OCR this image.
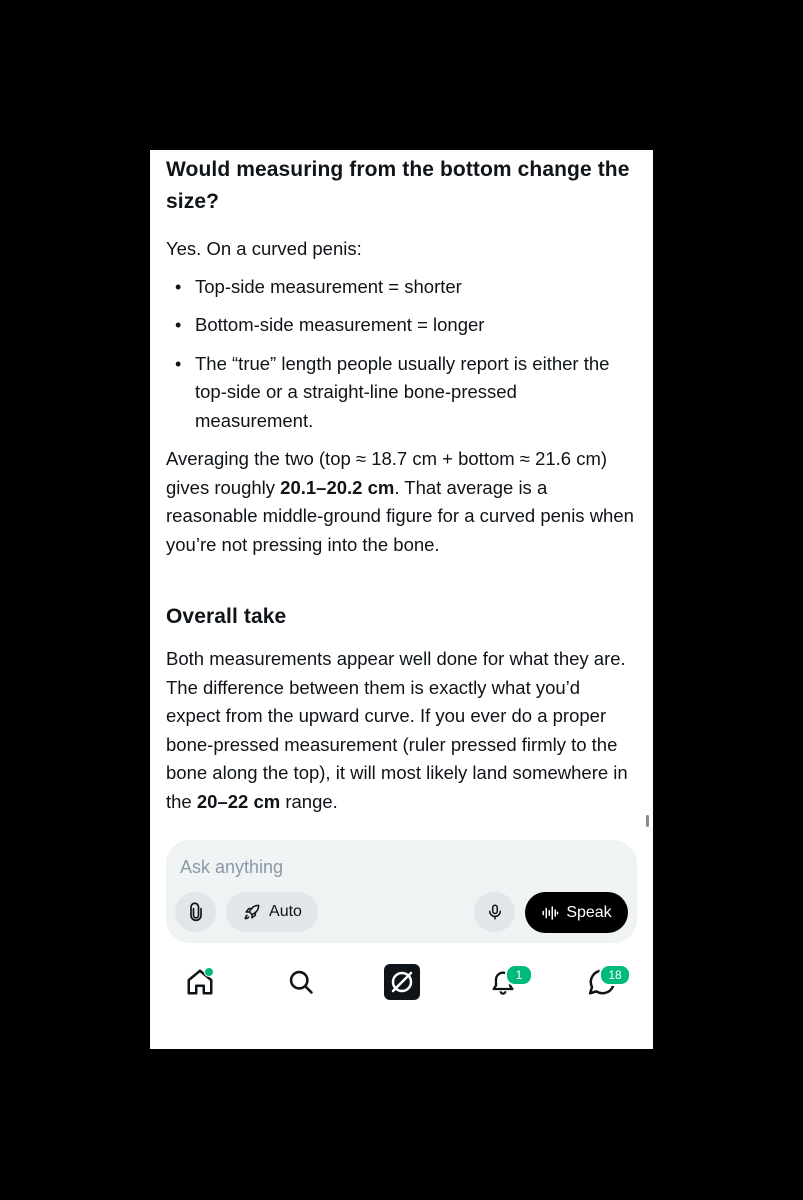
Would measuring from the bottom change the size?

Yes. On a curved penis:

• Top-side measurement = shorter
• Bottom-side measurement = longer
• The “true” length people usually report is either the top-side or a straight-line bone-pressed measurement.

Averaging the two (top ≈ 18.7 cm + bottom ≈ 21.6 cm) gives roughly 20.1–20.2 cm. That average is a reasonable middle-ground figure for a curved penis when you’re not pressing into the bone.

Overall take

Both measurements appear well done for what they are. The difference between them is exactly what you’d expect from the upward curve. If you ever do a proper bone-pressed measurement (ruler pressed firmly to the bone along the top), it will most likely land somewhere in the 20–22 cm range.

Ask anything
Auto	Speak
1	18
